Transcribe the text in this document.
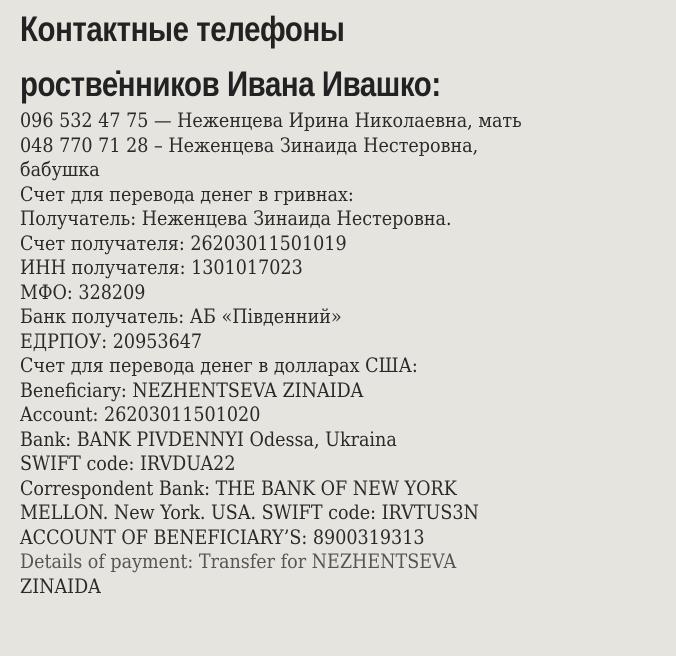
Контактные телефоны
ростве̇нников Ивана Ивашко:
096 532 47 75 — Неженцева Ирина Николаевна, мать
048 770 71 28 – Неженцева Зинаида Нестеровна,
бабушка
Счет для перевода денег в гривнах:
Получатель: Неженцева Зинаида Нестеровна.
Счет получателя: 26203011501019
ИНН получателя: 1301017023
МФО: 328209
Банк получатель: АБ «Південний»
ЕДРПОУ: 20953647
Счет для перевода денег в долларах США:
Beneficiary: NEZHENTSEVA ZINAIDA
Account: 26203011501020
Bank: BANK PIVDENNYI Odessa, Ukraina
SWIFT code: IRVDUA22
Correspondent Bank: THE BANK OF NEW YORK
MELLON. New York. USA. SWIFT code: IRVTUS3N
ACCOUNT OF BENEFICIARY’S: 8900319313
Details of payment: Transfer for NEZHENTSEVA
ZINAIDA
